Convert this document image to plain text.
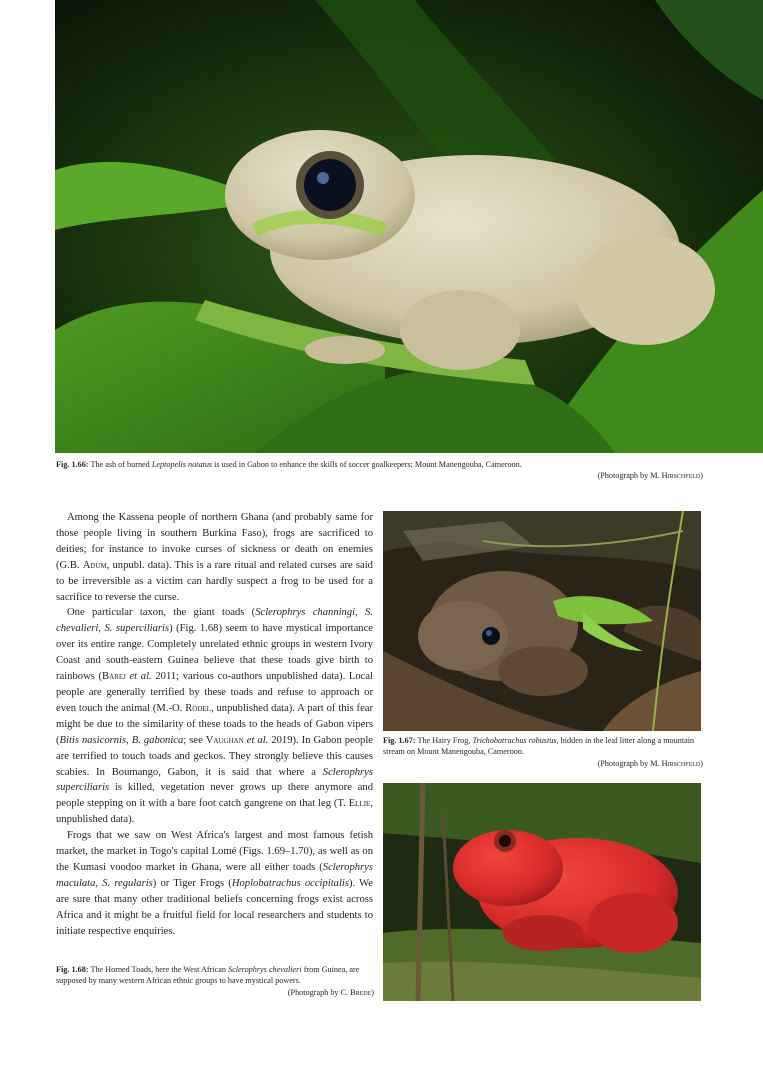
Fig. 1.66: The ash of burned Leptopelis notatus is used in Gabon to enhance the skills of soccer goalkeepers; Mount Manengouba, Cameroon.
(Photograph by M. Hirschfeld)

Among the Kassena people of northern Ghana (and probably same for those people living in southern Burkina Faso), frogs are sacrificed to deities; for instance to invoke curses of sickness or death on enemies (G.B. Adum, unpubl. data). This is a rare ritual and related curses are said to be irreversible as a victim can hardly suspect a frog to be used for a sacrifice to reverse the curse.

One particular taxon, the giant toads (Sclerophrys channingi, S. chevalieri, S. superciliaris) (Fig. 1.68) seem to have mystical importance over its entire range. Completely unrelated ethnic groups in western Ivory Coast and south-eastern Guinea believe that these toads give birth to rainbows (Barej et al. 2011; various co-authors unpublished data). Local people are generally terrified by these toads and refuse to approach or even touch the animal (M.-O. Rödel, unpublished data). A part of this fear might be due to the similarity of these toads to the heads of Gabon vipers (Bitis nasicornis, B. gabonica; see Vaughan et al. 2019). In Gabon people are terrified to touch toads and geckos. They strongly believe this causes scabies. In Boumango, Gabon, it is said that where a Sclerophrys superciliaris is killed, vegetation never grows up there anymore and people stepping on it with a bare foot catch gangrene on that leg (T. Ellie, unpublished data).

Frogs that we saw on West Africa's largest and most famous fetish market, the market in Togo's capital Lomé (Figs. 1.69–1.70), as well as on the Kumasi voodoo market in Ghana, were all either toads (Sclerophrys maculata, S. regularis) or Tiger Frogs (Hoplobatrachus occipitalis). We are sure that many other traditional beliefs concerning frogs exist across Africa and it might be a fruitful field for local researchers and students to initiate respective enquiries.

Fig. 1.67: The Hairy Frog, Trichobatrachus robustus, hidden in the leaf litter along a mountain stream on Mount Manengouba, Cameroon.
(Photograph by M. Hirschfeld)
Fig. 1.68: The Horned Toads, here the West African Sclerophrys chevalieri from Guinea, are supposed by many western African ethnic groups to have mystical powers.
(Photograph by C. Brede)
